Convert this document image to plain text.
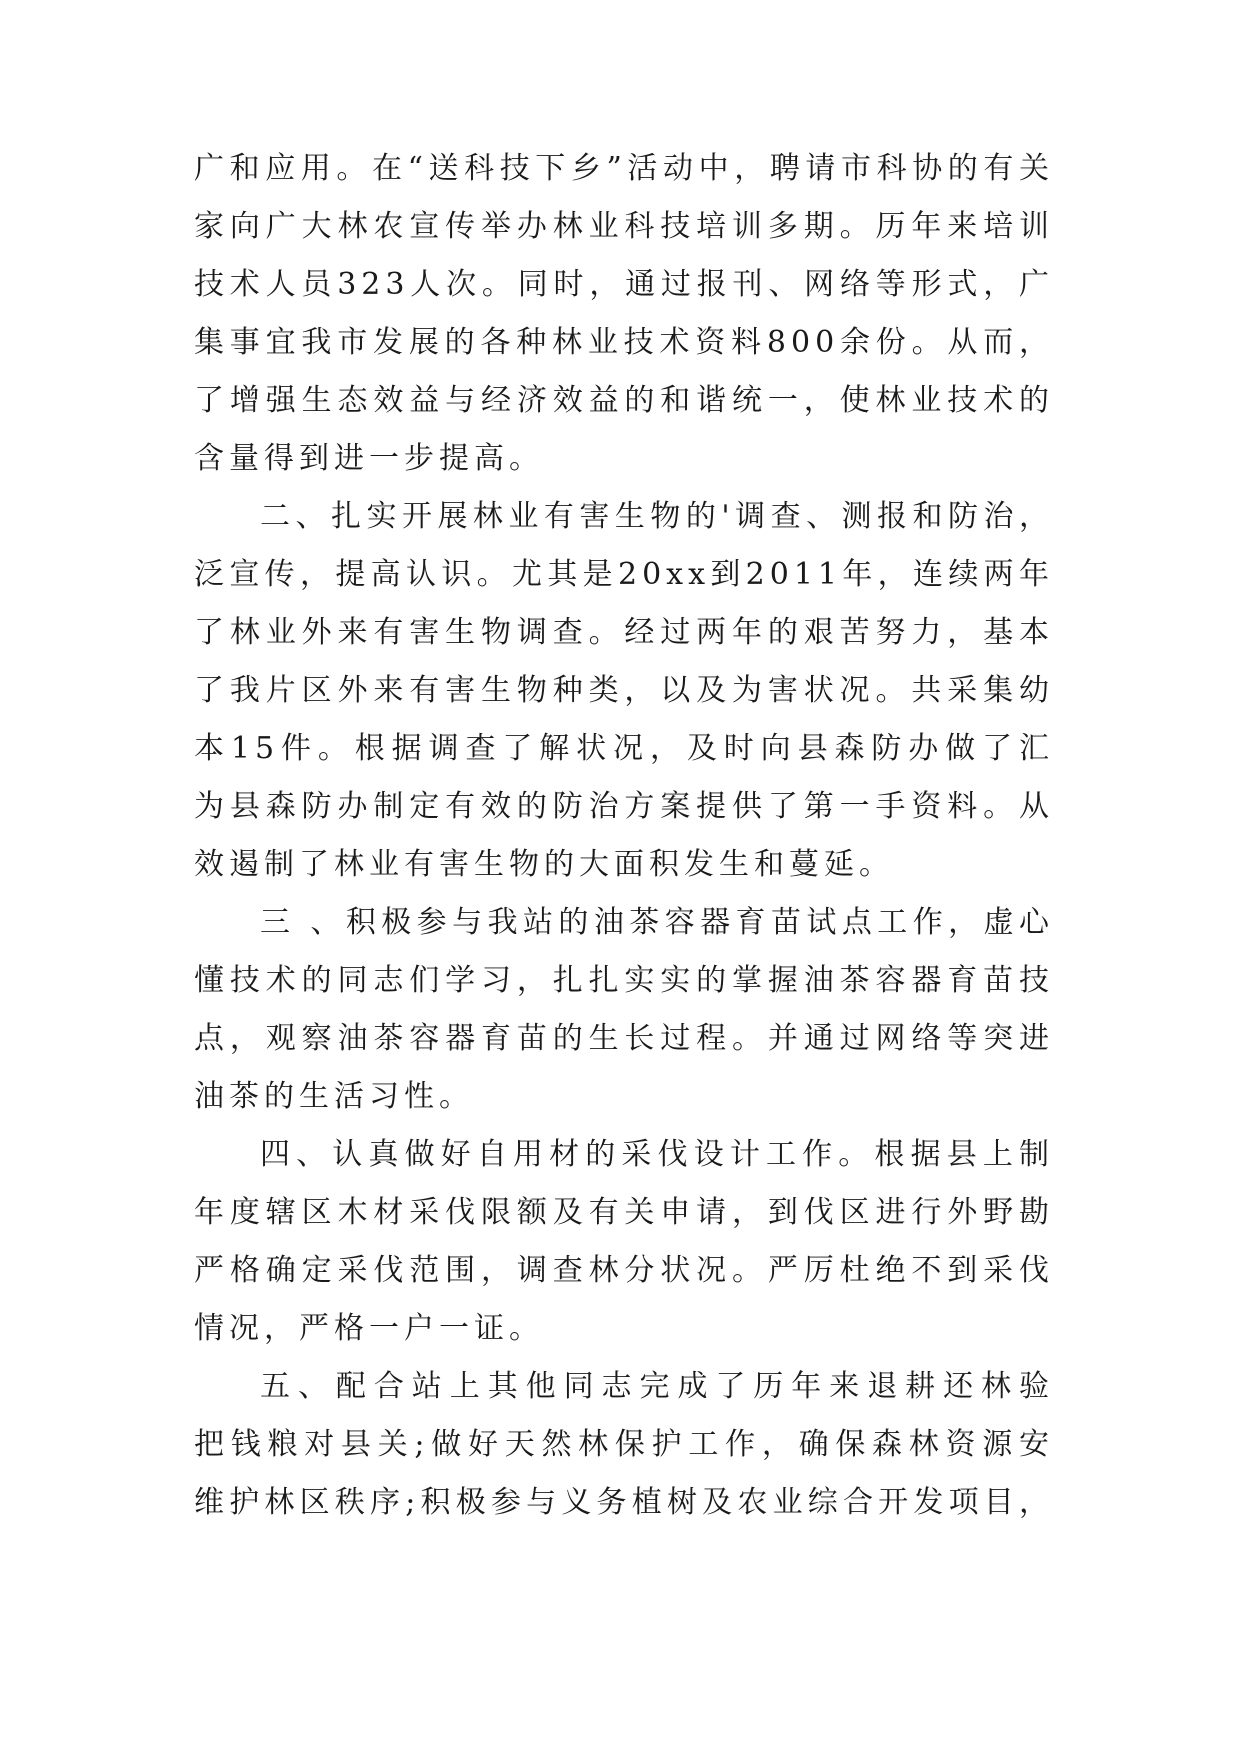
广和应用。在“送科技下乡”活动中，聘请市科协的有关
家向广大林农宣传举办林业科技培训多期。历年来培训
技术人员323人次。同时，通过报刊、网络等形式，广
集事宜我市发展的各种林业技术资料800余份。从而，
了增强生态效益与经济效益的和谐统一，使林业技术的
含量得到进一步提高。
二、扎实开展林业有害生物的'调查、测报和防治，
泛宣传，提高认识。尤其是20xx到2011年，连续两年
了林业外来有害生物调查。经过两年的艰苦努力，基本
了我片区外来有害生物种类，以及为害状况。共采集幼
本15件。根据调查了解状况，及时向县森防办做了汇
为县森防办制定有效的防治方案提供了第一手资料。从
效遏制了林业有害生物的大面积发生和蔓延。
三 、积极参与我站的油茶容器育苗试点工作，虚心
懂技术的同志们学习，扎扎实实的掌握油茶容器育苗技
点，观察油茶容器育苗的生长过程。并通过网络等突进
油茶的生活习性。
四、认真做好自用材的采伐设计工作。根据县上制
年度辖区木材采伐限额及有关申请，到伐区进行外野勘
严格确定采伐范围，调查林分状况。严厉杜绝不到采伐
情况，严格一户一证。
五、配合站上其他同志完成了历年来退耕还林验
把钱粮对县关;做好天然林保护工作，确保森林资源安
维护林区秩序;积极参与义务植树及农业综合开发项目，
